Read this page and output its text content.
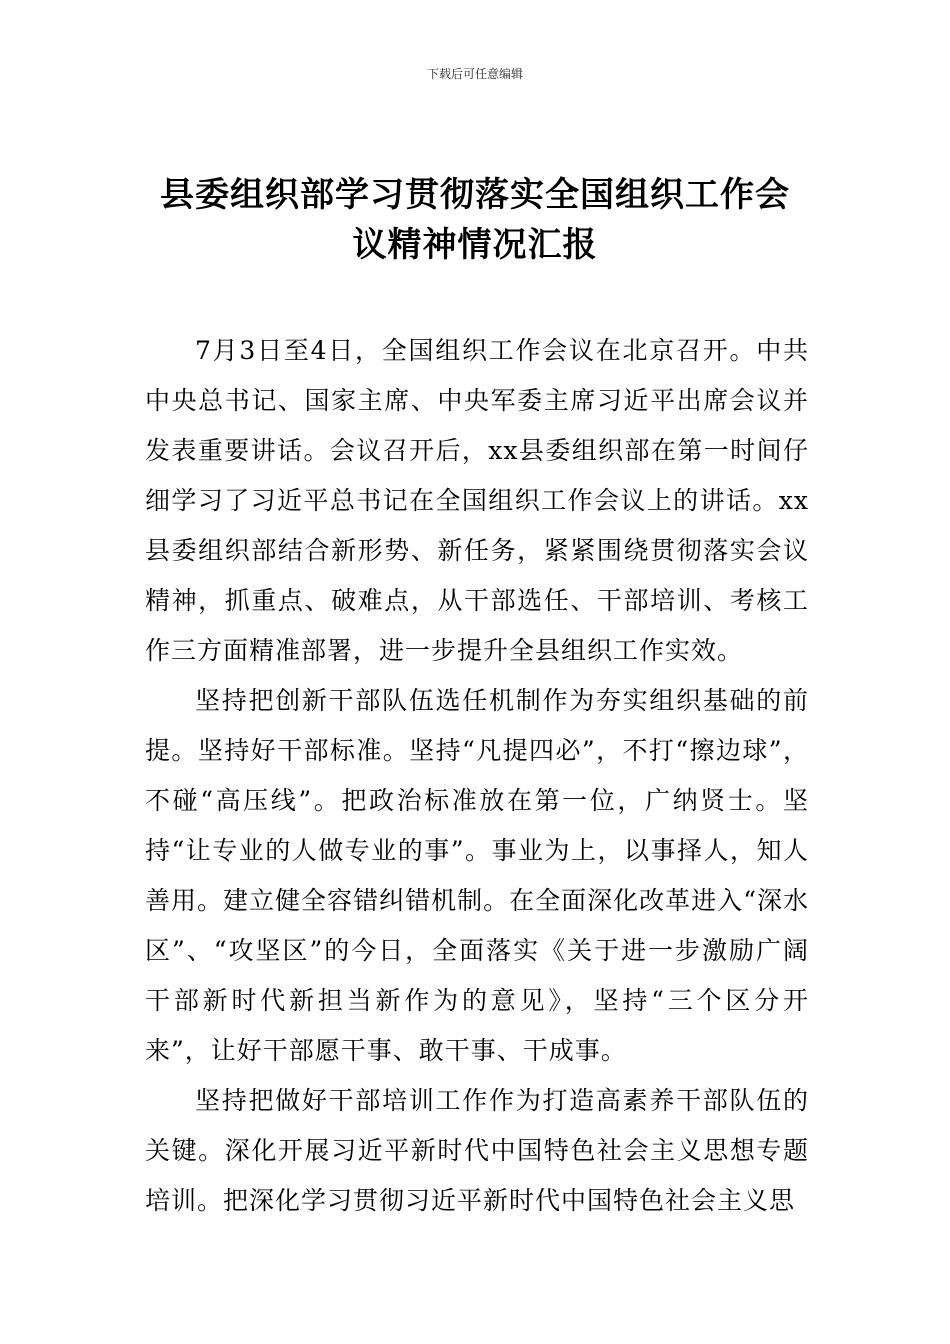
下载后可任意编辑
县委组织部学习贯彻落实全国组织工作会议精神情况汇报

7月3日至4日，全国组织工作会议在北京召开。中共中央总书记、国家主席、中央军委主席习近平出席会议并发表重要讲话。会议召开后，xx县委组织部在第一时间仔细学习了习近平总书记在全国组织工作会议上的讲话。xx县委组织部结合新形势、新任务，紧紧围绕贯彻落实会议精神，抓重点、破难点，从干部选任、干部培训、考核工作三方面精准部署，进一步提升全县组织工作实效。

坚持把创新干部队伍选任机制作为夯实组织基础的前提。坚持好干部标准。坚持“凡提四必”，不打“擦边球”，不碰“高压线”。把政治标准放在第一位，广纳贤士。坚持“让专业的人做专业的事”。事业为上，以事择人，知人善用。建立健全容错纠错机制。在全面深化改革进入“深水区”、“攻坚区”的今日，全面落实《关于进一步激励广阔干部新时代新担当新作为的意见》，坚持“三个区分开来”，让好干部愿干事、敢干事、干成事。

坚持把做好干部培训工作作为打造高素养干部队伍的关键。深化开展习近平新时代中国特色社会主义思想专题培训。把深化学习贯彻习近平新时代中国特色社会主义思
